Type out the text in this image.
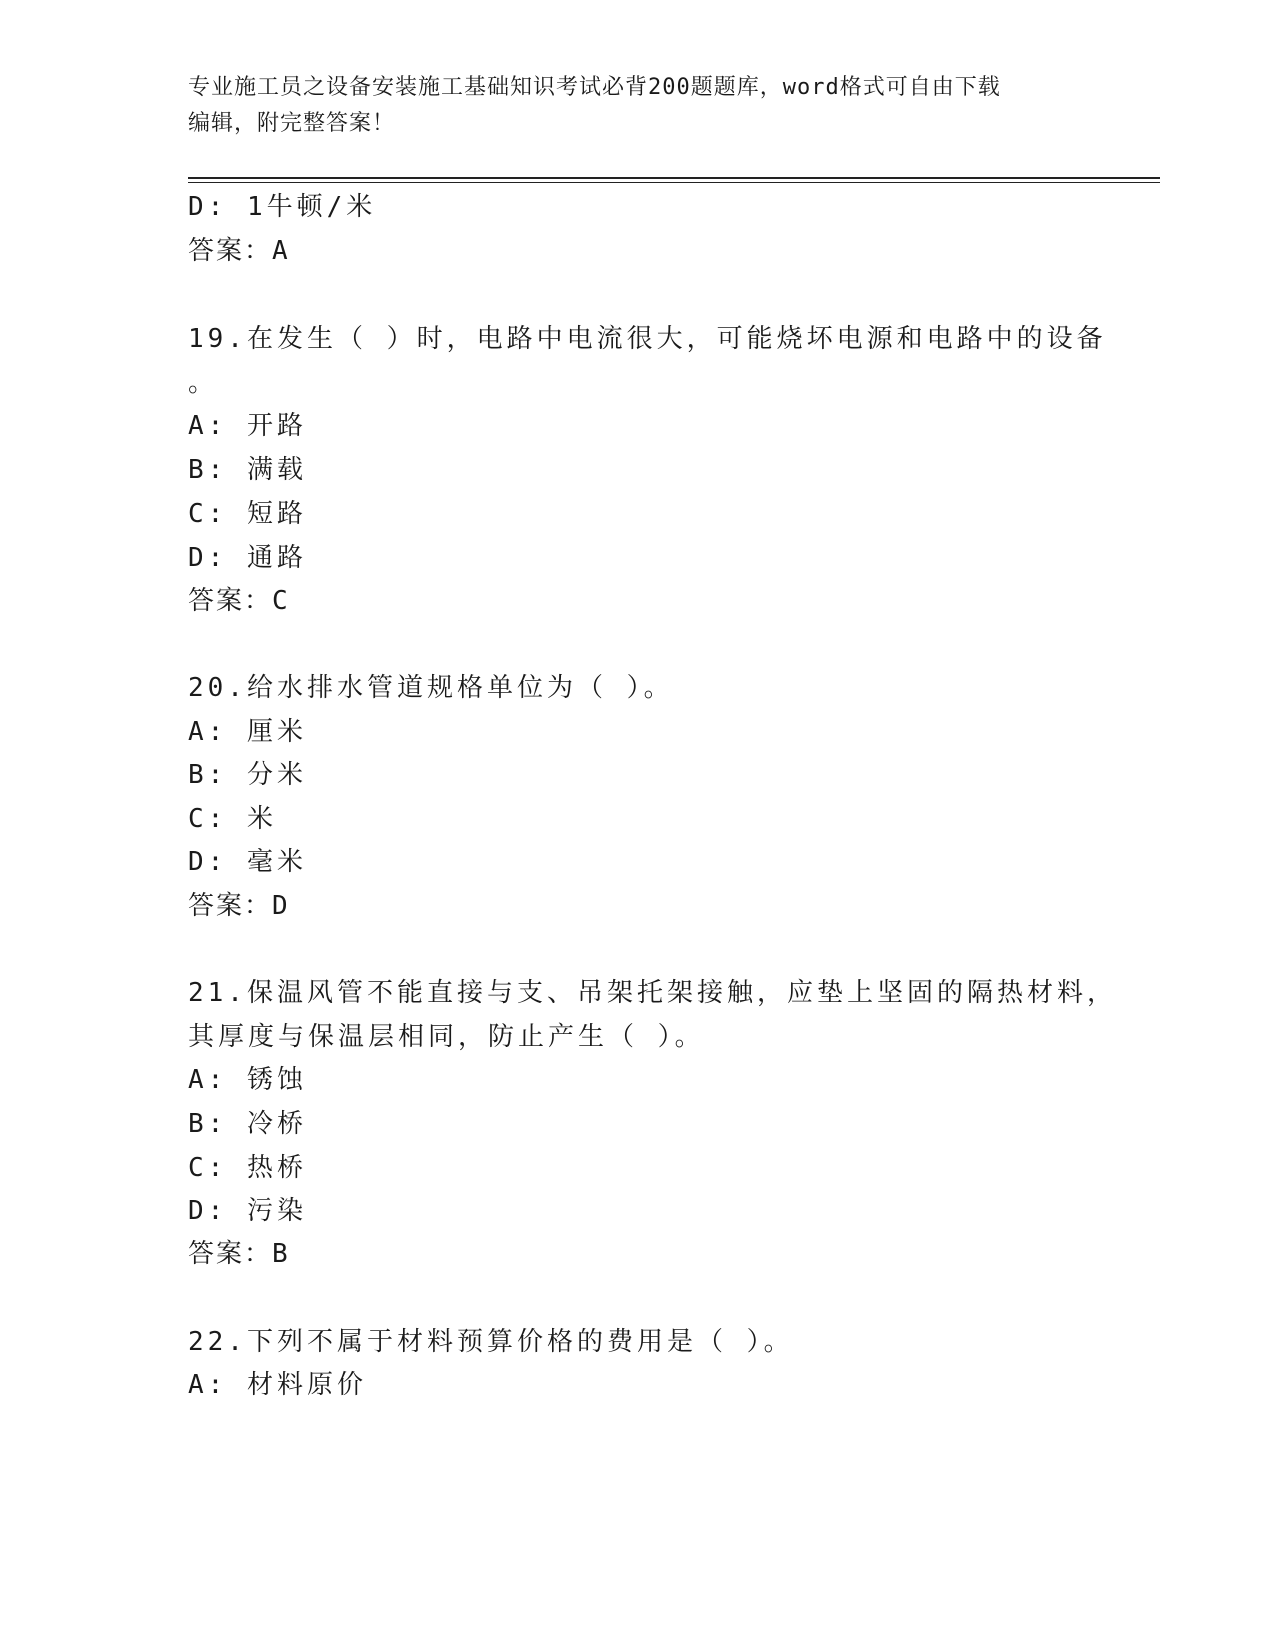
专业施工员之设备安装施工基础知识考试必背200题题库，word格式可自由下载
编辑，附完整答案！
D: 1牛顿/米
答案：A
19.在发生（ ）时，电路中电流很大，可能烧坏电源和电路中的设备
。
A: 开路
B: 满载
C: 短路
D: 通路
答案：C
20.给水排水管道规格单位为（ ）。
A: 厘米
B: 分米
C: 米
D: 毫米
答案：D
21.保温风管不能直接与支、吊架托架接触，应垫上坚固的隔热材料，
其厚度与保温层相同，防止产生（ ）。
A: 锈蚀
B: 冷桥
C: 热桥
D: 污染
答案：B
22.下列不属于材料预算价格的费用是（ ）。
A: 材料原价
